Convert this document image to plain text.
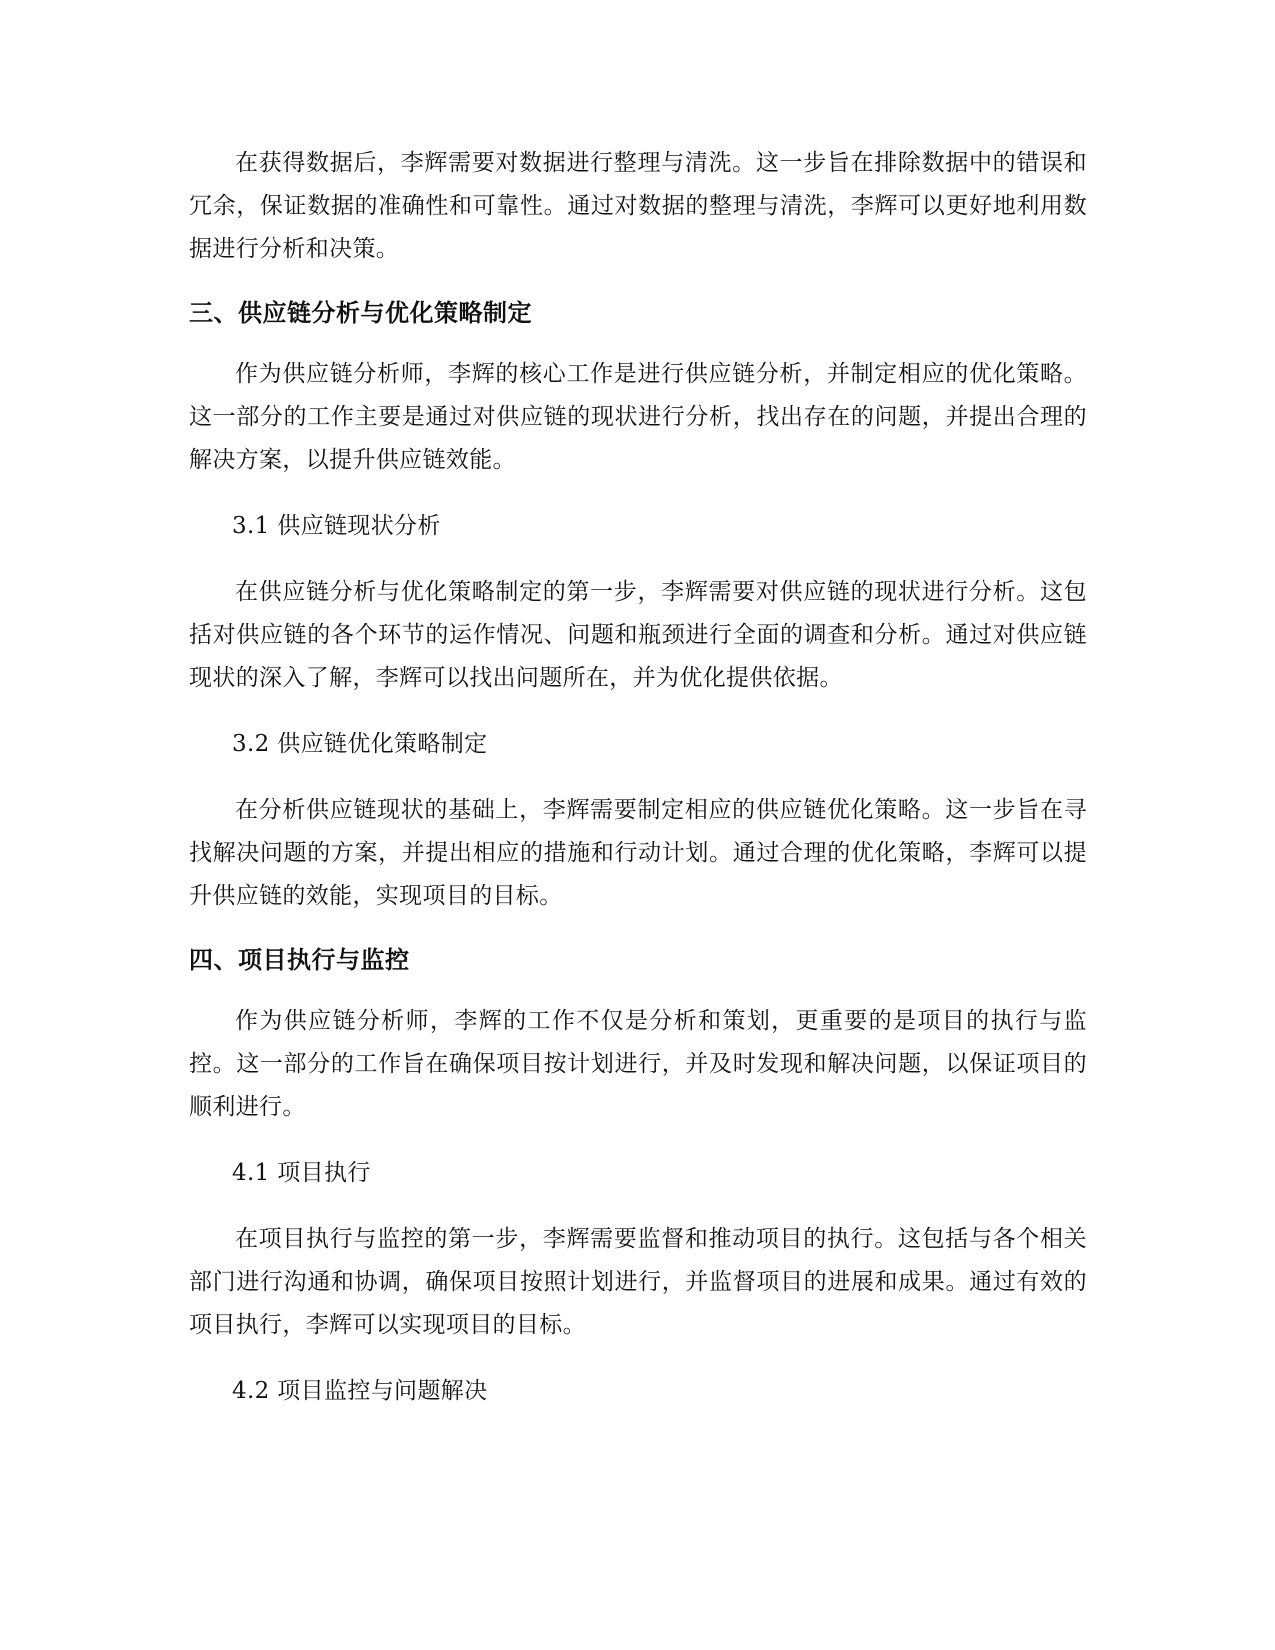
在获得数据后，李辉需要对数据进行整理与清洗。这一步旨在排除数据中的错误和冗余，保证数据的准确性和可靠性。通过对数据的整理与清洗，李辉可以更好地利用数据进行分析和决策。

三、供应链分析与优化策略制定

作为供应链分析师，李辉的核心工作是进行供应链分析，并制定相应的优化策略。这一部分的工作主要是通过对供应链的现状进行分析，找出存在的问题，并提出合理的解决方案，以提升供应链效能。

3.1 供应链现状分析

在供应链分析与优化策略制定的第一步，李辉需要对供应链的现状进行分析。这包括对供应链的各个环节的运作情况、问题和瓶颈进行全面的调查和分析。通过对供应链现状的深入了解，李辉可以找出问题所在，并为优化提供依据。

3.2 供应链优化策略制定

在分析供应链现状的基础上，李辉需要制定相应的供应链优化策略。这一步旨在寻找解决问题的方案，并提出相应的措施和行动计划。通过合理的优化策略，李辉可以提升供应链的效能，实现项目的目标。

四、项目执行与监控

作为供应链分析师，李辉的工作不仅是分析和策划，更重要的是项目的执行与监控。这一部分的工作旨在确保项目按计划进行，并及时发现和解决问题，以保证项目的顺利进行。

4.1 项目执行

在项目执行与监控的第一步，李辉需要监督和推动项目的执行。这包括与各个相关部门进行沟通和协调，确保项目按照计划进行，并监督项目的进展和成果。通过有效的项目执行，李辉可以实现项目的目标。

4.2 项目监控与问题解决
